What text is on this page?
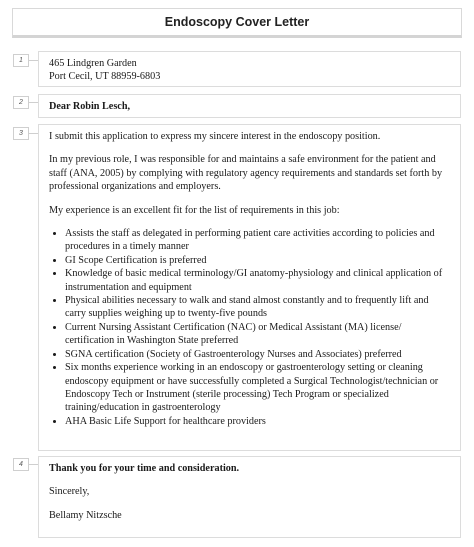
Endoscopy Cover Letter
1	465 Lindgren Garden

Port Cecil, UT 88959-6803

2	Dear Robin Lesch,

3	I submit this application to express my sincere interest in the endoscopy position.

In my previous role, I was responsible for and maintains a safe environment for the patient and staff (ANA, 2005) by complying with regulatory agency requirements and standards set forth by professional organizations and employers.

My experience is an excellent fit for the list of requirements in this job:

• Assists the staff as delegated in performing patient care activities according to policies and procedures in a timely manner
• GI Scope Certification is preferred
• Knowledge of basic medical terminology/GI anatomy-physiology and clinical application of instrumentation and equipment
• Physical abilities necessary to walk and stand almost constantly and to frequently lift and carry supplies weighing up to twenty-five pounds
• Current Nursing Assistant Certification (NAC) or Medical Assistant (MA) license/ certification in Washington State preferred
• SGNA certification (Society of Gastroenterology Nurses and Associates) preferred
• Six months experience working in an endoscopy or gastroenterology setting or cleaning endoscopy equipment or have successfully completed a Surgical Technologist/technician or Endoscopy Tech or Instrument (sterile processing) Tech Program or specialized training/education in gastroenterology
• AHA Basic Life Support for healthcare providers
4	Thank you for your time and consideration.

Sincerely,

Bellamy Nitzsche
